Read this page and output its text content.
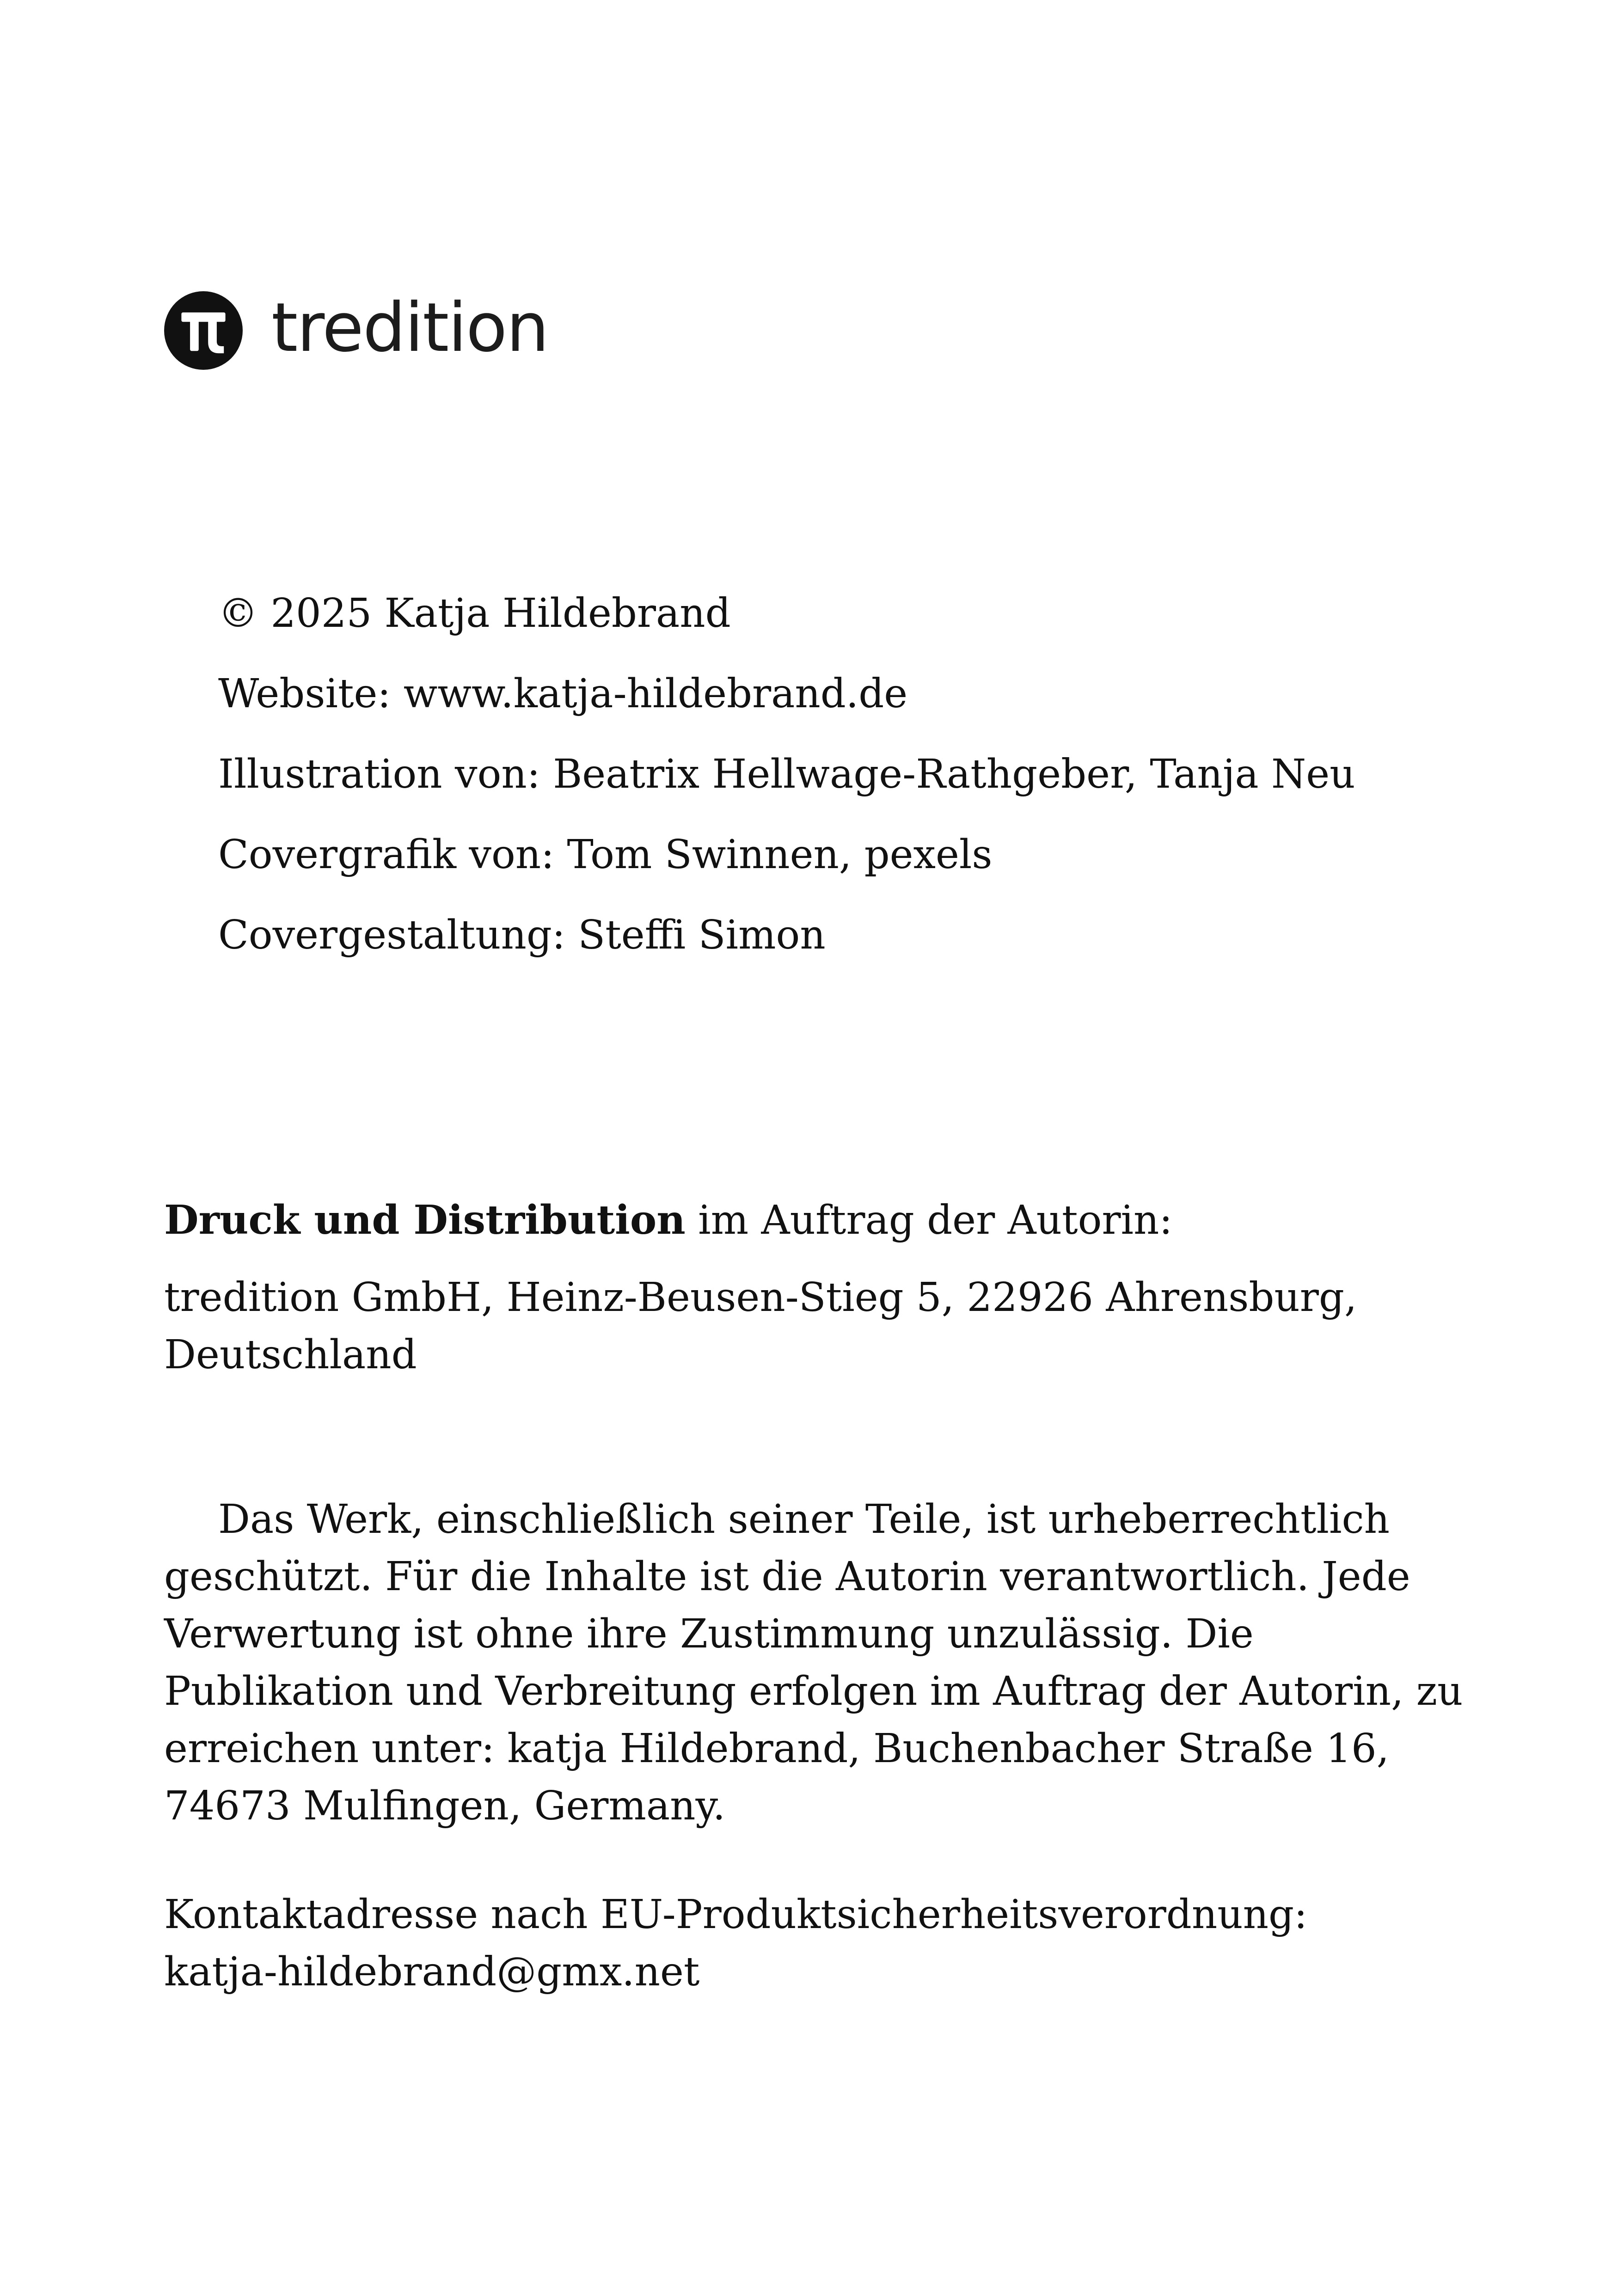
tredition
© 2025 Katja Hildebrand
Website: www.katja-hildebrand.de
Illustration von: Beatrix Hellwage-Rathgeber, Tanja Neu
Covergrafik von: Tom Swinnen, pexels
Covergestaltung: Steffi Simon
Druck und Distribution im Auftrag der Autorin:
tredition GmbH, Heinz-Beusen-Stieg 5, 22926 Ahrensburg,
Deutschland
Das Werk, einschließlich seiner Teile, ist urheberrechtlich geschützt. Für die Inhalte ist die Autorin verantwortlich. Jede Verwertung ist ohne ihre Zustimmung unzulässig. Die Publikation und Verbreitung erfolgen im Auftrag der Autorin, zu erreichen unter: katja Hildebrand, Buchenbacher Straße 16, 74673 Mulfingen, Germany.
Kontaktadresse nach EU-Produktsicherheitsverordnung:
katja-hildebrand@gmx.net
